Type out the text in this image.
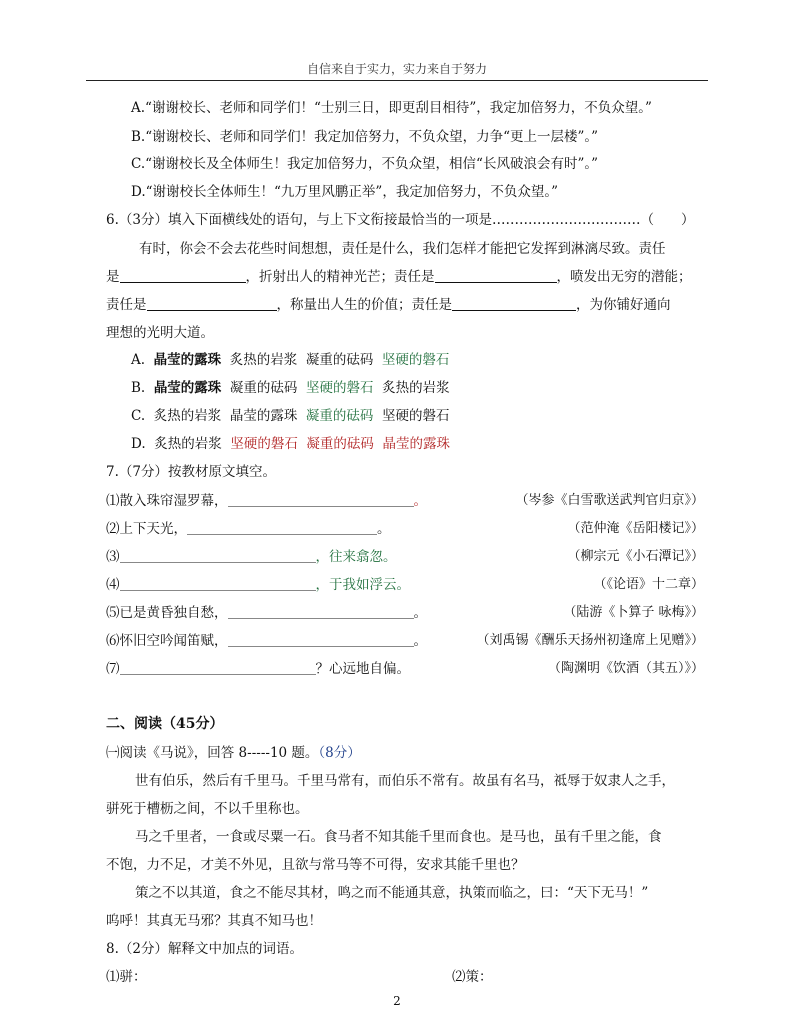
自信来自于实力，实力来自于努力
A.“谢谢校长、老师和同学们！“士别三日，即更刮目相待”，我定加倍努力，不负众望。”
B.“谢谢校长、老师和同学们！我定加倍努力，不负众望，力争“更上一层楼”。”
C.“谢谢校长及全体师生！我定加倍努力，不负众望，相信“长风破浪会有时”。”
D.“谢谢校长全体师生！“九万里风鹏正举”，我定加倍努力，不负众望。”
6.（3分）填入下面横线处的语句，与上下文衔接最恰当的一项是……………………………（　　）
有时，你会不会去花些时间想想，责任是什么，我们怎样才能把它发挥到淋漓尽致。责任
是	，折射出人的精神光芒；责任是	，喷发出无穷的潜能；
责任是	，称量出人生的价值；责任是	，为你铺好通向
理想的光明大道。
A. 晶莹的露珠 炙热的岩浆 凝重的砝码 坚硬的磐石
B. 晶莹的露珠 凝重的砝码 坚硬的磐石 炙热的岩浆
C. 炙热的岩浆 晶莹的露珠 凝重的砝码 坚硬的磐石
D. 炙热的岩浆 坚硬的磐石 凝重的砝码 晶莹的露珠
7.（7分）按教材原文填空。
⑴散入珠帘湿罗幕，	。	（岑参《白雪歌送武判官归京》）
⑵上下天光，	。	（范仲淹《岳阳楼记》）
⑶	，往来翕忽。	（柳宗元《小石潭记》）
⑷	，于我如浮云。	（《论语》十二章）
⑸已是黄昏独自愁，	。	（陆游《卜算子 咏梅》）
⑹怀旧空吟闻笛赋，	。	（刘禹锡《酬乐天扬州初逢席上见赠》）
⑺	？心远地自偏。	（陶渊明《饮酒（其五）》）
二、阅读（45分）
㈠阅读《马说》，回答 8-----10 题。（8分）
世有伯乐，然后有千里马。千里马常有，而伯乐不常有。故虽有名马，祗辱于奴隶人之手，
骈死于槽枥之间，不以千里称也。
马之千里者，一食或尽粟一石。食马者不知其能千里而食也。是马也，虽有千里之能，食
不饱，力不足，才美不外见，且欲与常马等不可得，安求其能千里也？
策之不以其道，食之不能尽其材，鸣之而不能通其意，执策而临之，曰：“天下无马！”
呜呼！其真无马邪？其真不知马也！
8.（2分）解释文中加点的词语。
⑴骈：	⑵策：
2
